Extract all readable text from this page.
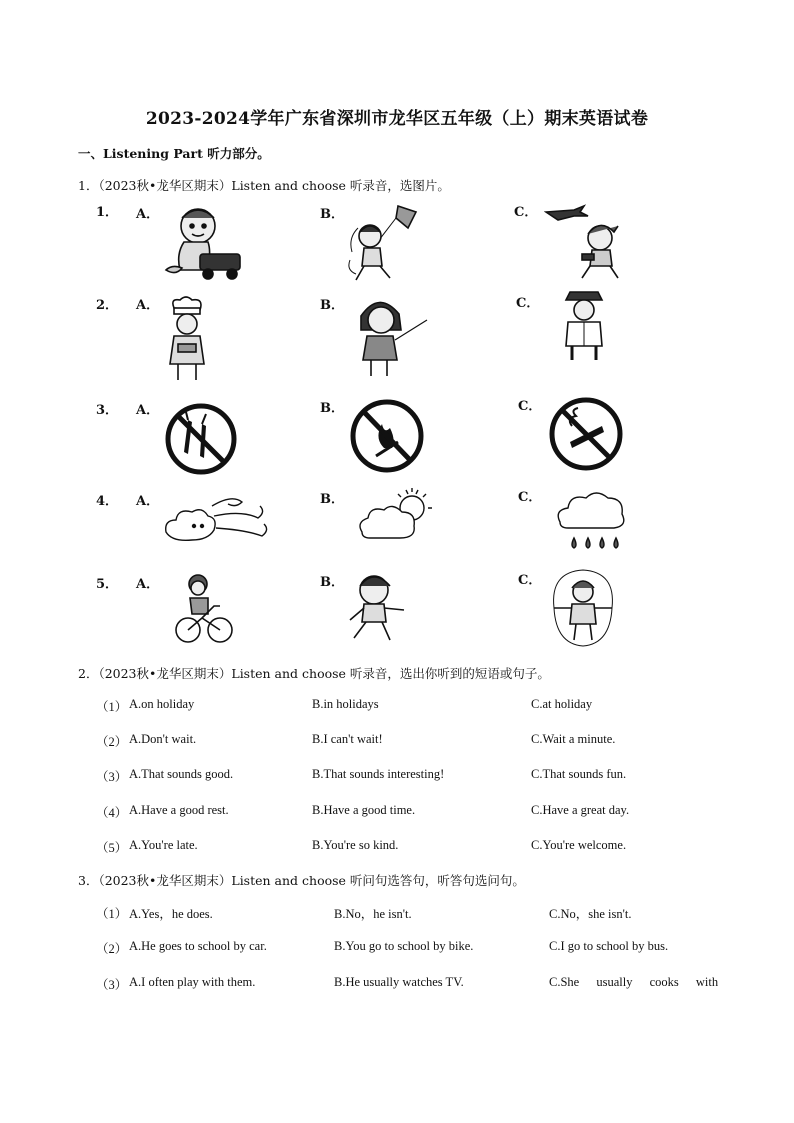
2023-2024学年广东省深圳市龙华区五年级（上）期末英语试卷
一、Listening Part 听力部分。
1．（2023秋•龙华区期末）Listen and choose 听录音，选图片。
1． A．	B．	C．
2． A．	B．	C．
3． A．	B．	C．
4． A．	B．	C．
5． A．	B．	C．
2．（2023秋•龙华区期末）Listen and choose 听录音，选出你听到的短语或句子。
（1） A.on holiday	B.in holidays	C.at holiday
（2） A.Don't wait.	B.I can't wait!	C.Wait a minute.
（3） A.That sounds good.	B.That sounds interesting!	C.That sounds fun.
（4） A.Have a good rest.	B.Have a good time.	C.Have a great day.
（5） A.You're late.	B.You're so kind.	C.You're welcome.
3．（2023秋•龙华区期末）Listen and choose 听问句选答句，听答句选问句。
（1） A.Yes，he does.	B.No，he isn't.	C.No，she isn't.
（2） A.He goes to school by car.	B.You go to school by bike.	C.I go to school by bus.
（3） A.I often play with them.	B.He usually watches TV.	C.She usually cooks with
